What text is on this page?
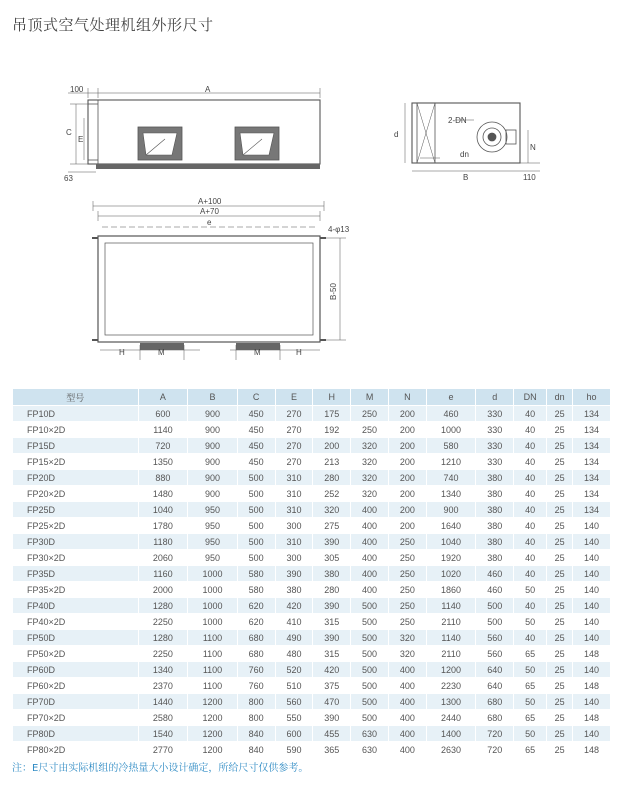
吊顶式空气处理机组外形尺寸
100	A
C
E
63
2-DN
d
dn
N
B	110
A+100
A+70
e
4-φ13
B-50
H	M	M	H
型号	A	B	C	E	H	M	N	e	d	DN	dn	ho
FP10D	600	900	450	270	175	250	200	460	330	40	25	134
FP10×2D	1140	900	450	270	192	250	200	1000	330	40	25	134
FP15D	720	900	450	270	200	320	200	580	330	40	25	134
FP15×2D	1350	900	450	270	213	320	200	1210	330	40	25	134
FP20D	880	900	500	310	280	320	200	740	380	40	25	134
FP20×2D	1480	900	500	310	252	320	200	1340	380	40	25	134
FP25D	1040	950	500	310	320	400	200	900	380	40	25	134
FP25×2D	1780	950	500	300	275	400	200	1640	380	40	25	140
FP30D	1180	950	500	310	390	400	250	1040	380	40	25	140
FP30×2D	2060	950	500	300	305	400	250	1920	380	40	25	140
FP35D	1160	1000	580	390	380	400	250	1020	460	40	25	140
FP35×2D	2000	1000	580	380	280	400	250	1860	460	50	25	140
FP40D	1280	1000	620	420	390	500	250	1140	500	40	25	140
FP40×2D	2250	1000	620	410	315	500	250	2110	500	50	25	140
FP50D	1280	1100	680	490	390	500	320	1140	560	40	25	140
FP50×2D	2250	1100	680	480	315	500	320	2110	560	65	25	148
FP60D	1340	1100	760	520	420	500	400	1200	640	50	25	140
FP60×2D	2370	1100	760	510	375	500	400	2230	640	65	25	148
FP70D	1440	1200	800	560	470	500	400	1300	680	50	25	140
FP70×2D	2580	1200	800	550	390	500	400	2440	680	65	25	148
FP80D	1540	1200	840	600	455	630	400	1400	720	50	25	140
FP80×2D	2770	1200	840	590	365	630	400	2630	720	65	25	148
注：E尺寸由实际机组的冷热量大小设计确定，所给尺寸仅供参考。
